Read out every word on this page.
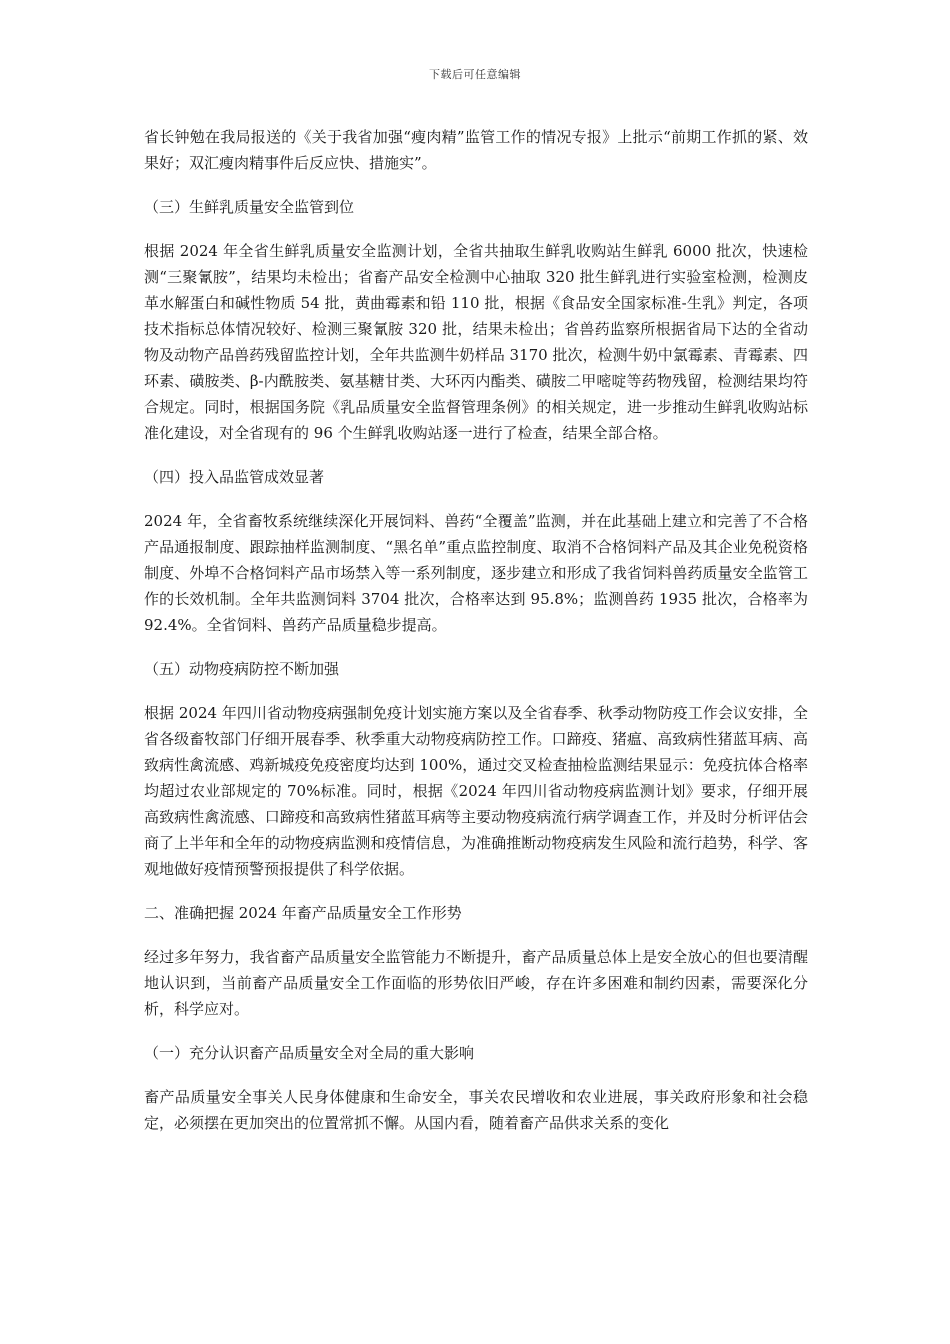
下载后可任意编辑

省长钟勉在我局报送的《关于我省加强“瘦肉精”监管工作的情况专报》上批示“前期工作抓的紧、效果好；双汇瘦肉精事件后反应快、措施实”。

（三）生鲜乳质量安全监管到位

根据 2024 年全省生鲜乳质量安全监测计划，全省共抽取生鲜乳收购站生鲜乳 6000 批次，快速检测“三聚氰胺”，结果均未检出；省畜产品安全检测中心抽取 320 批生鲜乳进行实验室检测，检测皮革水解蛋白和碱性物质 54 批，黄曲霉素和铅 110 批，根据《食品安全国家标准-生乳》判定，各项技术指标总体情况较好、检测三聚氰胺 320 批，结果未检出；省兽药监察所根据省局下达的全省动物及动物产品兽药残留监控计划，全年共监测牛奶样品 3170 批次，检测牛奶中氯霉素、青霉素、四环素、磺胺类、β-内酰胺类、氨基糖甘类、大环丙内酯类、磺胺二甲嘧啶等药物残留，检测结果均符合规定。同时，根据国务院《乳品质量安全监督管理条例》的相关规定，进一步推动生鲜乳收购站标准化建设，对全省现有的 96 个生鲜乳收购站逐一进行了检查，结果全部合格。

（四）投入品监管成效显著

2024 年，全省畜牧系统继续深化开展饲料、兽药“全覆盖”监测，并在此基础上建立和完善了不合格产品通报制度、跟踪抽样监测制度、“黑名单”重点监控制度、取消不合格饲料产品及其企业免税资格制度、外埠不合格饲料产品市场禁入等一系列制度，逐步建立和形成了我省饲料兽药质量安全监管工作的长效机制。全年共监测饲料 3704 批次，合格率达到 95.8%；监测兽药 1935 批次，合格率为 92.4%。全省饲料、兽药产品质量稳步提高。

（五）动物疫病防控不断加强

根据 2024 年四川省动物疫病强制免疫计划实施方案以及全省春季、秋季动物防疫工作会议安排，全省各级畜牧部门仔细开展春季、秋季重大动物疫病防控工作。口蹄疫、猪瘟、高致病性猪蓝耳病、高致病性禽流感、鸡新城疫免疫密度均达到 100%，通过交叉检查抽检监测结果显示：免疫抗体合格率均超过农业部规定的 70%标准。同时，根据《2024 年四川省动物疫病监测计划》要求，仔细开展高致病性禽流感、口蹄疫和高致病性猪蓝耳病等主要动物疫病流行病学调查工作，并及时分析评估会商了上半年和全年的动物疫病监测和疫情信息，为准确推断动物疫病发生风险和流行趋势，科学、客观地做好疫情预警预报提供了科学依据。

二、准确把握 2024 年畜产品质量安全工作形势

经过多年努力，我省畜产品质量安全监管能力不断提升，畜产品质量总体上是安全放心的但也要清醒地认识到，当前畜产品质量安全工作面临的形势依旧严峻，存在许多困难和制约因素，需要深化分析，科学应对。

（一）充分认识畜产品质量安全对全局的重大影响

畜产品质量安全事关人民身体健康和生命安全，事关农民增收和农业进展，事关政府形象和社会稳定，必须摆在更加突出的位置常抓不懈。从国内看，随着畜产品供求关系的变化
